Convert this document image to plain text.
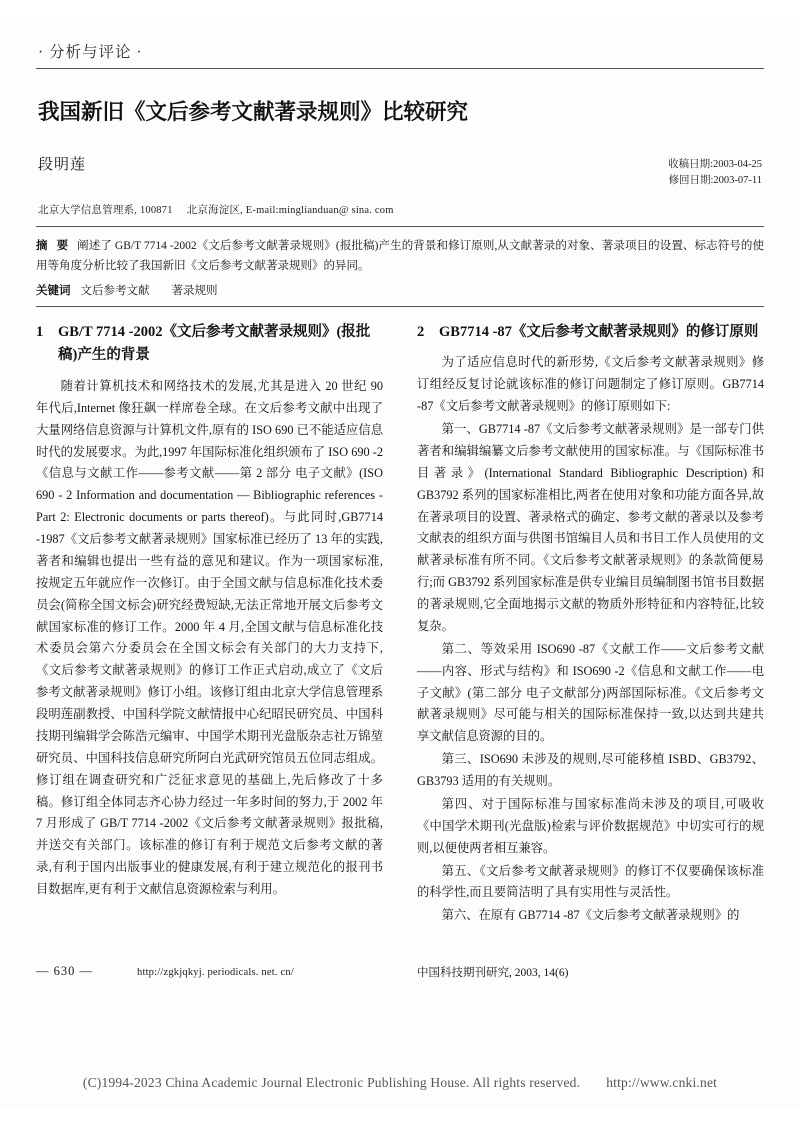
· 分析与评论 ·
我国新旧《文后参考文献著录规则》比较研究
段明莲	收稿日期:2003-04-25
修回日期:2003-07-11
北京大学信息管理系, 100871 北京海淀区, E-mail:minglianduan@ sina. com
摘 要 阐述了 GB/T 7714 -2002《文后参考文献著录规则》(报批稿)产生的背景和修订原则,从文献著录的对象、著录项目的设置、标志符号的使用等角度分析比较了我国新旧《文后参考文献著录规则》的异同。
关键词 文后参考文献 著录规则
1	GB/T 7714 -2002《文后参考文献著录规则》(报批稿)产生的背景

随着计算机技术和网络技术的发展,尤其是进入 20 世纪 90 年代后,Internet 像狂飙一样席卷全球。在文后参考文献中出现了大量网络信息资源与计算机文件,原有的 ISO 690 已不能适应信息时代的发展要求。为此,1997 年国际标准化组织颁布了 ISO 690 -2《信息与文献工作——参考文献——第 2 部分 电子文献》(ISO 690 - 2 Information and documentation — Bibliographic references - Part 2: Electronic documents or parts thereof)。与此同时,GB7714 -1987《文后参考文献著录规则》国家标准已经历了 13 年的实践,著者和编辑也提出一些有益的意见和建议。作为一项国家标准,按规定五年就应作一次修订。由于全国文献与信息标准化技术委员会(简称全国文标会)研究经费短缺,无法正常地开展文后参考文献国家标准的修订工作。2000 年 4 月,全国文献与信息标准化技术委员会第六分委员会在全国文标会有关部门的大力支持下,《文后参考文献著录规则》的修订工作正式启动,成立了《文后参考文献著录规则》修订小组。该修订组由北京大学信息管理系段明莲副教授、中国科学院文献情报中心纪昭民研究员、中国科技期刊编辑学会陈浩元编审、中国学术期刊光盘版杂志社万锦堃研究员、中国科技信息研究所阿白光武研究馆员五位同志组成。修订组在调查研究和广泛征求意见的基础上,先后修改了十多稿。修订组全体同志齐心协力经过一年多时间的努力,于 2002 年 7 月形成了 GB/T 7714 -2002《文后参考文献著录规则》报批稿,并送交有关部门。该标准的修订有利于规范文后参考文献的著录,有利于国内出版事业的健康发展,有利于建立规范化的报刊书目数据库,更有利于文献信息资源检索与利用。

2	GB7714 -87《文后参考文献著录规则》的修订原则

为了适应信息时代的新形势,《文后参考文献著录规则》修订组经反复讨论就该标准的修订问题制定了修订原则。GB7714 -87《文后参考文献著录规则》的修订原则如下:

第一、GB7714 -87《文后参考文献著录规则》是一部专门供著者和编辑编纂文后参考文献使用的国家标准。与《国际标准书目著录》(International Standard Bibliographic Description)和 GB3792 系列的国家标准相比,两者在使用对象和功能方面各异,故在著录项目的设置、著录格式的确定、参考文献的著录以及参考文献表的组织方面与供图书馆编目人员和书目工作人员使用的文献著录标准有所不同。《文后参考文献著录规则》的条款简便易行;而 GB3792 系列国家标准是供专业编目员编制图书馆书目数据的著录规则,它全面地揭示文献的物质外形特征和内容特征,比较复杂。

第二、等效采用 ISO690 -87《文献工作——文后参考文献——内容、形式与结构》和 ISO690 -2《信息和文献工作——电子文献》(第二部分 电子文献部分)两部国际标准。《文后参考文献著录规则》尽可能与相关的国际标准保持一致,以达到共建共享文献信息资源的目的。

第三、ISO690 未涉及的规则,尽可能移植 ISBD、GB3792、GB3793 适用的有关规则。

第四、对于国际标准与国家标准尚未涉及的项目,可吸收《中国学术期刊(光盘版)检索与评价数据规范》中切实可行的规则,以便使两者相互兼容。

第五、《文后参考文献著录规则》的修订不仅要确保该标准的科学性,而且要简洁明了具有实用性与灵活性。

第六、在原有 GB7714 -87《文后参考文献著录规则》的

— 630 —	http://zgkjqkyj. periodicals. net. cn/	中国科技期刊研究, 2003, 14(6)
(C)1994-2023 China Academic Journal Electronic Publishing House. All rights reserved. http://www.cnki.net
